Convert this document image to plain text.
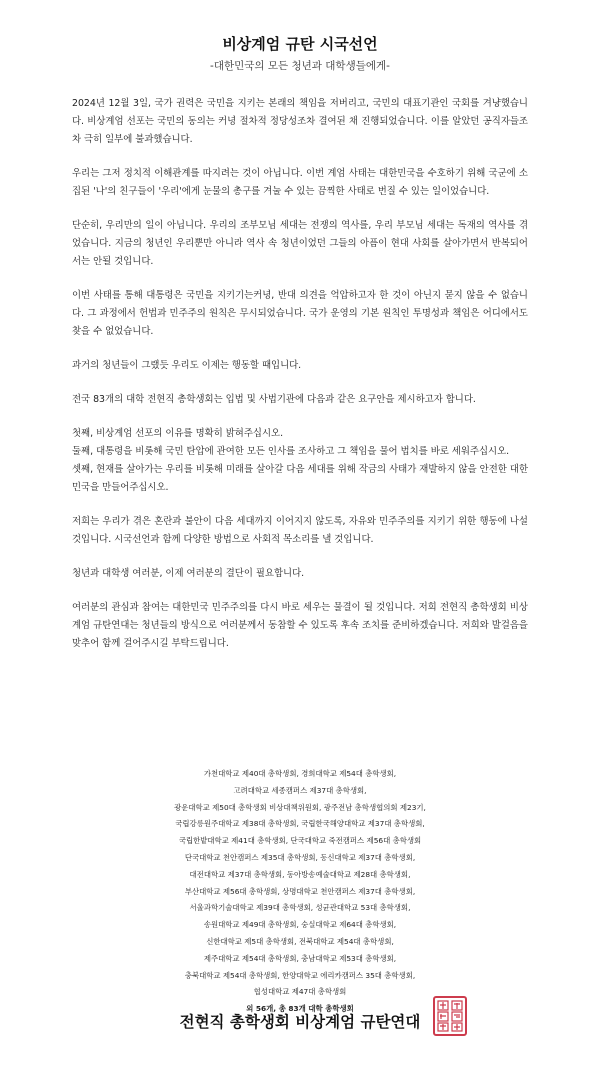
비상계엄 규탄 시국선언
-대한민국의 모든 청년과 대학생들에게-

2024년 12월 3일, 국가 권력은 국민을 지키는 본래의 책임을 저버리고, 국민의 대표기관인 국회를 겨냥했습니다. 비상계엄 선포는 국민의 동의는 커녕 절차적 정당성조차 결여된 채 진행되었습니다. 이를 알았던 공직자들조차 극히 일부에 불과했습니다.

우리는 그저 정치적 이해관계를 따지려는 것이 아닙니다. 이번 계엄 사태는 대한민국을 수호하기 위해 국군에 소집된 '나'의 친구들이 '우리'에게 눈물의 총구를 겨눌 수 있는 끔찍한 사태로 번질 수 있는 일이었습니다.

단순히, 우리만의 일이 아닙니다. 우리의 조부모님 세대는 전쟁의 역사를, 우리 부모님 세대는 독재의 역사를 겪었습니다. 지금의 청년인 우리뿐만 아니라 역사 속 청년이었던 그들의 아픔이 현대 사회를 살아가면서 반복되어서는 안될 것입니다.

이번 사태를 통해 대통령은 국민을 지키기는커녕, 반대 의견을 억압하고자 한 것이 아닌지 묻지 않을 수 없습니다. 그 과정에서 헌법과 민주주의 원칙은 무시되었습니다. 국가 운영의 기본 원칙인 투명성과 책임은 어디에서도 찾을 수 없었습니다.

과거의 청년들이 그랬듯 우리도 이제는 행동할 때입니다.

전국 83개의 대학 전현직 총학생회는 입법 및 사법기관에 다음과 같은 요구안을 제시하고자 합니다.

첫째, 비상계엄 선포의 이유를 명확히 밝혀주십시오.

둘째, 대통령을 비롯해 국민 탄압에 관여한 모든 인사를 조사하고 그 책임을 물어 법치를 바로 세워주십시오.

셋째, 현재를 살아가는 우리를 비롯해 미래를 살아갈 다음 세대를 위해 작금의 사태가 재발하지 않을 안전한 대한민국을 만들어주십시오.

저희는 우리가 겪은 혼란과 불안이 다음 세대까지 이어지지 않도록, 자유와 민주주의를 지키기 위한 행동에 나설 것입니다. 시국선언과 함께 다양한 방법으로 사회적 목소리를 낼 것입니다.

청년과 대학생 여러분, 이제 여러분의 결단이 필요합니다.

여러분의 관심과 참여는 대한민국 민주주의를 다시 바로 세우는 물결이 될 것입니다. 저희 전현직 총학생회 비상계엄 규탄연대는 청년들의 방식으로 여러분께서 동참할 수 있도록 후속 조치를 준비하겠습니다. 저희와 발걸음을 맞추어 함께 걸어주시길 부탁드립니다.

가천대학교 제40대 총학생회, 경희대학교 제54대 총학생회,
고려대학교 세종캠퍼스 제37대 총학생회,
광운대학교 제50대 총학생회 비상대책위원회, 광주전남 총학생협의회 제23기,
국립강릉원주대학교 제38대 총학생회, 국립한국해양대학교 제37대 총학생회,
국립한밭대학교 제41대 총학생회, 단국대학교 죽전캠퍼스 제56대 총학생회
단국대학교 천안캠퍼스 제35대 총학생회, 동신대학교 제37대 총학생회,
대전대학교 제37대 총학생회, 동아방송예술대학교 제28대 총학생회,
부산대학교 제56대 총학생회, 상명대학교 천안캠퍼스 제37대 총학생회,
서울과학기술대학교 제39대 총학생회, 성균관대학교 53대 총학생회,
송원대학교 제49대 총학생회, 숭실대학교 제64대 총학생회,
신한대학교 제5대 총학생회, 전북대학교 제54대 총학생회,
제주대학교 제54대 총학생회, 충남대학교 제53대 총학생회,
충북대학교 제54대 총학생회, 한양대학교 에리카캠퍼스 35대 총학생회,
협성대학교 제47대 총학생회
외 56개, 총 83개 대학 총학생회
전현직 총학생회 비상계엄 규탄연대
